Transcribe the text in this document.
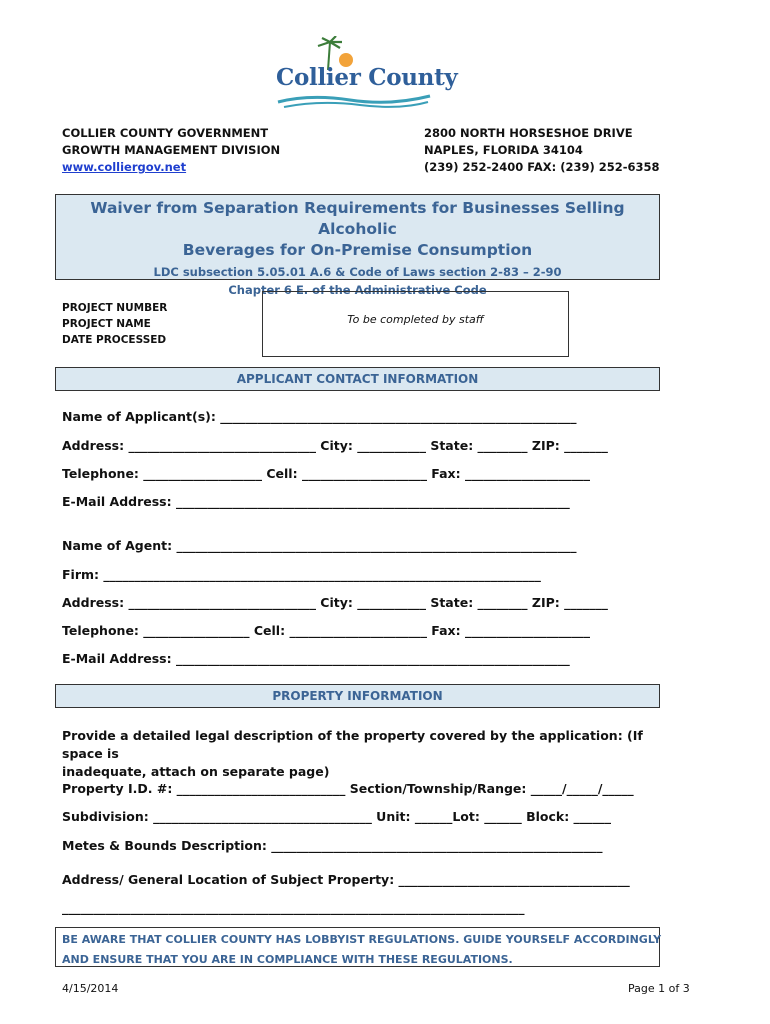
Collier County
COLLIER COUNTY GOVERNMENT
GROWTH MANAGEMENT DIVISION
www.colliergov.net
2800 NORTH HORSESHOE DRIVE
NAPLES, FLORIDA 34104
(239) 252-2400 FAX: (239) 252-6358
Waiver from Separation Requirements for Businesses Selling Alcoholic
Beverages for On-Premise Consumption
LDC subsection 5.05.01 A.6 & Code of Laws section 2-83 – 2-90
Chapter 6 E. of the Administrative Code
PROJECT NUMBER
PROJECT NAME
DATE PROCESSED
To be completed by staff
APPLICANT CONTACT INFORMATION
Name of Applicant(s): _________________________________________________________
Address: ______________________________ City: ___________ State: ________ ZIP: _______
Telephone: ___________________ Cell: ____________________ Fax: ____________________
E-Mail Address: _______________________________________________________________
Name of Agent: ________________________________________________________________
Firm: ______________________________________________________________________
Address: ______________________________ City: ___________ State: ________ ZIP: _______
Telephone: _________________ Cell: ______________________ Fax: ____________________
E-Mail Address: _______________________________________________________________
PROPERTY INFORMATION
Provide a detailed legal description of the property covered by the application: (If space is
inadequate, attach on separate page)
Property I.D. #: ___________________________ Section/Township/Range: _____/_____/_____
Subdivision: ___________________________________ Unit: ______Lot: ______ Block: ______
Metes & Bounds Description: _____________________________________________________
Address/ General Location of Subject Property: _____________________________________
__________________________________________________________________________
BE AWARE THAT COLLIER COUNTY HAS LOBBYIST REGULATIONS. GUIDE YOURSELF ACCORDINGLY
AND ENSURE THAT YOU ARE IN COMPLIANCE WITH THESE REGULATIONS.
4/15/2014	Page 1 of 3
